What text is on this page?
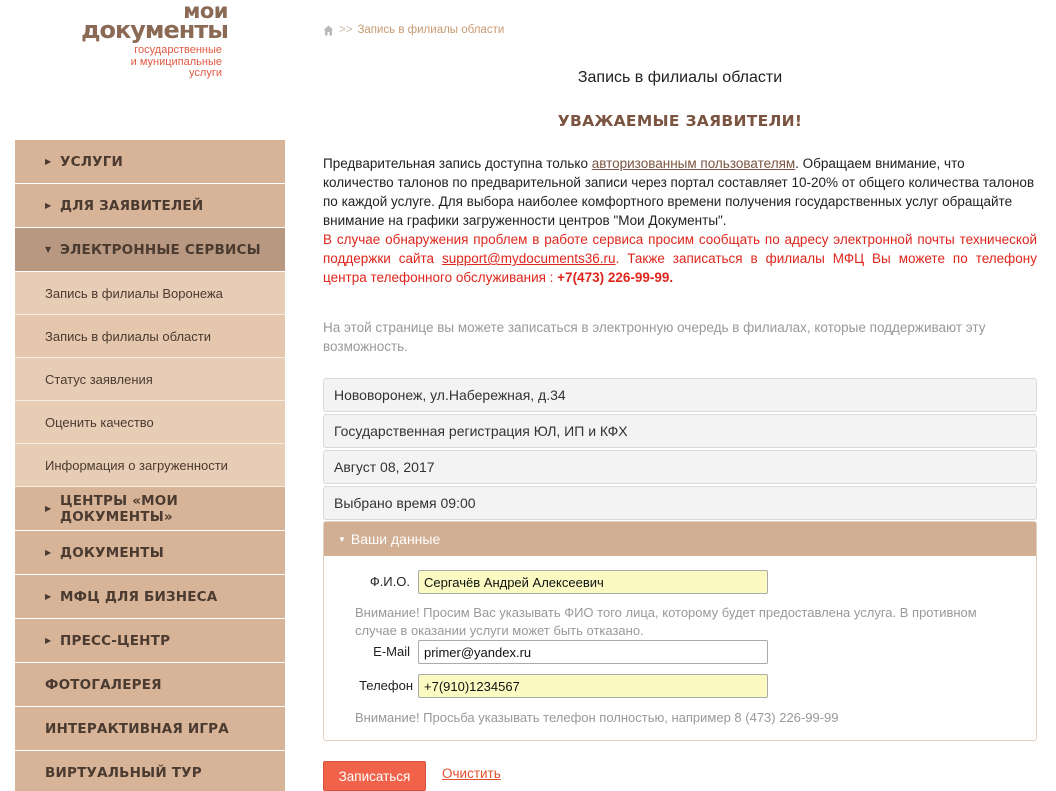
мои
документы
государственные
и муниципальные
услуги
▶ УСЛУГИ
▶ ДЛЯ ЗАЯВИТЕЛЕЙ
▼ ЭЛЕКТРОННЫЕ СЕРВИСЫ
Запись в филиалы Воронежа
Запись в филиалы области
Статус заявления
Оценить качество
Информация о загруженности
▶ ЦЕНТРЫ «МОИ ДОКУМЕНТЫ»
▶ ДОКУМЕНТЫ
▶ МФЦ ДЛЯ БИЗНЕСА
▶ ПРЕСС-ЦЕНТР
ФОТОГАЛЕРЕЯ
ИНТЕРАКТИВНАЯ ИГРА
ВИРТУАЛЬНЫЙ ТУР
>> Запись в филиалы области
Запись в филиалы области
УВАЖАЕМЫЕ ЗАЯВИТЕЛИ!
Предварительная запись доступна только авторизованным пользователям. Обращаем внимание, что количество талонов по предварительной записи через портал составляет 10-20% от общего количества талонов по каждой услуге. Для выбора наиболее комфортного времени получения государственных услуг обращайте внимание на графики загруженности центров "Мои Документы".
В случае обнаружения проблем в работе сервиса просим сообщать по адресу электронной почты технической поддержки сайта support@mydocuments36.ru. Также записаться в филиалы МФЦ Вы можете по телефону центра телефонного обслуживания : +7(473) 226-99-99.
На этой странице вы можете записаться в электронную очередь в филиалах, которые поддерживают эту возможность.
Нововоронеж, ул.Набережная, д.34
Государственная регистрация ЮЛ, ИП и КФХ
Август 08, 2017
Выбрано время 09:00
▼ Ваши данные
Ф.И.О.
Сергачёв Андрей Алексеевич
Внимание! Просим Вас указывать ФИО того лица, которому будет предоставлена услуга. В противном случае в оказании услуги может быть отказано.
E-Mail
primer@yandex.ru
Телефон
+7(910)1234567
Внимание! Просьба указывать телефон полностью, например 8 (473) 226-99-99
Записаться	Очистить
